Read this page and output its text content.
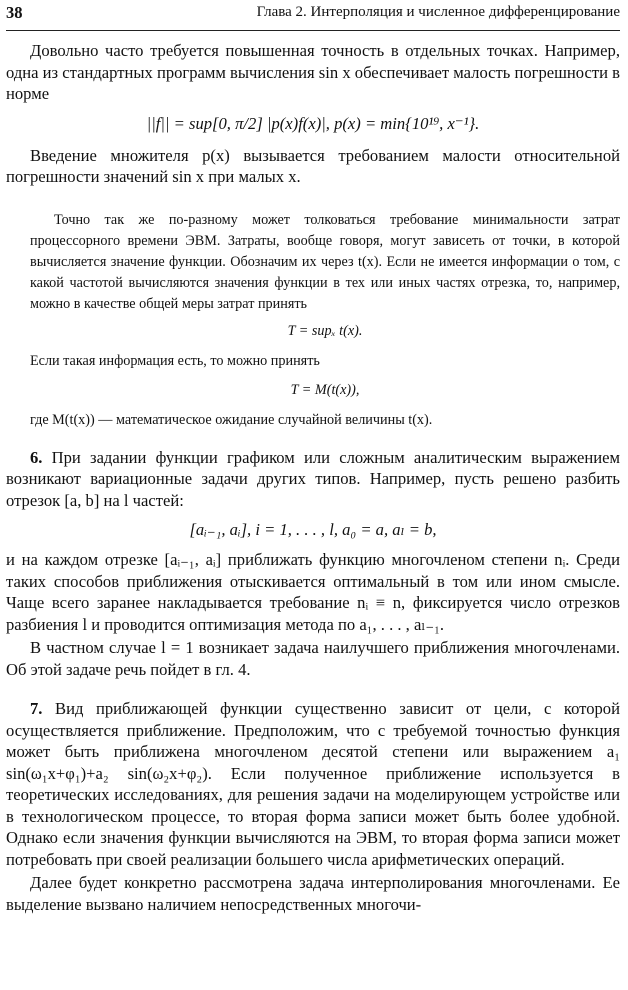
38	Глава 2. Интерполяция и численное дифференцирование

Довольно часто требуется повышенная точность в отдельных точках. Например, одна из стандартных программ вычисления sin x обеспечивает малость погрешности в норме

||f|| = sup[0, π/2] |p(x)f(x)|, p(x) = min{10¹⁹, x⁻¹}.

Введение множителя p(x) вызывается требованием малости относительной погрешности значений sin x при малых x.

Точно так же по-разному может толковаться требование минимальности затрат процессорного времени ЭВМ. Затраты, вообще говоря, могут зависеть от точки, в которой вычисляется значение функции. Обозначим их через t(x). Если не имеется информации о том, с какой частотой вычисляются значения функции в тех или иных частях отрезка, то, например, можно в качестве общей меры затрат принять

T = supₓ t(x).

Если такая информация есть, то можно принять

T = M(t(x)),

где M(t(x)) — математическое ожидание случайной величины t(x).

6. При задании функции графиком или сложным аналитическим выражением возникают вариационные задачи других типов. Например, пусть решено разбить отрезок [a, b] на l частей:

[aᵢ₋₁, aᵢ], i = 1, . . . , l, a₀ = a, aₗ = b,

и на каждом отрезке [aᵢ₋₁, aᵢ] приближать функцию многочленом степени nᵢ. Среди таких способов приближения отыскивается оптимальный в том или ином смысле. Чаще всего заранее накладывается требование nᵢ ≡ n, фиксируется число отрезков разбиения l и проводится оптимизация метода по a₁, . . . , aₗ₋₁.

В частном случае l = 1 возникает задача наилучшего приближения многочленами. Об этой задаче речь пойдет в гл. 4.

7. Вид приближающей функции существенно зависит от цели, с которой осуществляется приближение. Предположим, что с требуемой точностью функция может быть приближена многочленом десятой степени или выражением a₁ sin(ω₁x+φ₁)+a₂ sin(ω₂x+φ₂). Если полученное приближение используется в теоретических исследованиях, для решения задачи на моделирующем устройстве или в технологическом процессе, то вторая форма записи может быть более удобной. Однако если значения функции вычисляются на ЭВМ, то вторая форма записи может потребовать при своей реализации большего числа арифметических операций.

Далее будет конкретно рассмотрена задача интерполирования многочленами. Ее выделение вызвано наличием непосредственных многочи-
